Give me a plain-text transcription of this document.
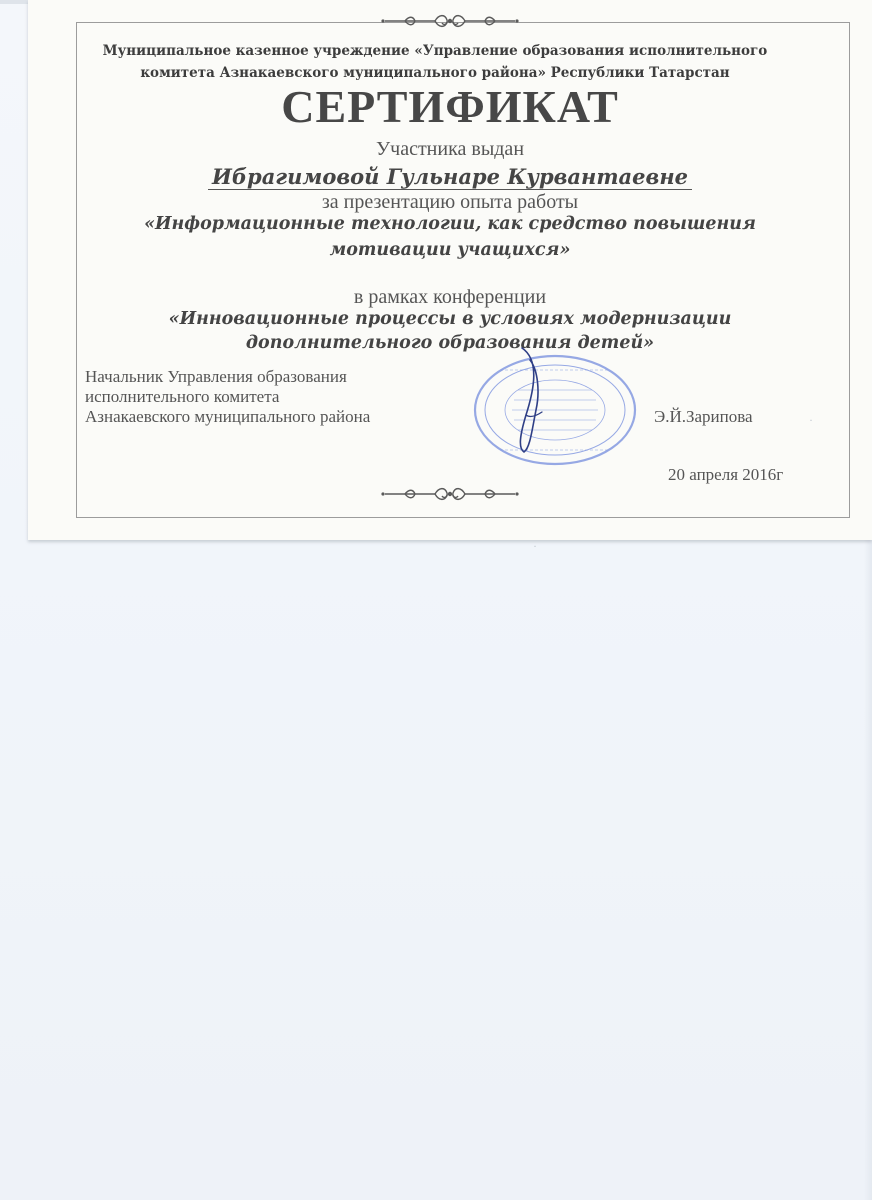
Муниципальное казенное учреждение «Управление образования исполнительного комитета Азнакаевского муниципального района» Республики Татарстан

СЕРТИФИКАТ

Участника выдан

Ибрагимовой Гульнаре Курвантаевне

за презентацию опыта работы

«Информационные технологии, как средство повышения

мотивации учащихся»

в рамках конференции

«Инновационные процессы в условиях модернизации

дополнительного образования детей»

Начальник Управления образования
исполнительного комитета
Азнакаевского муниципального района	Э.Й.Зарипова
20 апреля 2016г
˙
˙
